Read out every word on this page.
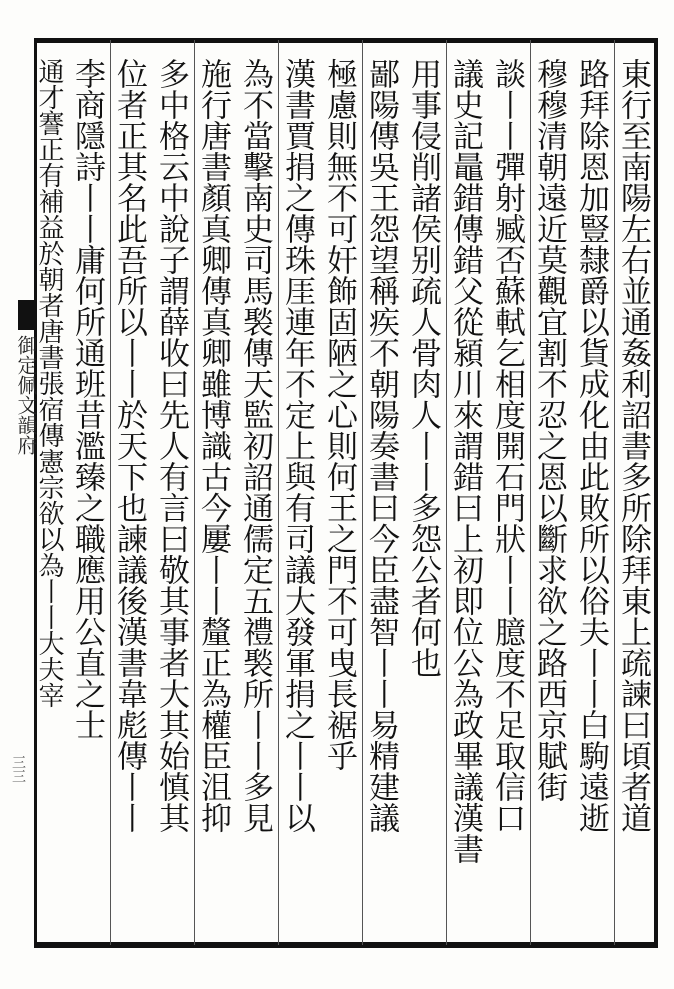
東行至南陽左右並通姦利詔書多所除拜東上疏諫曰頃者道
路拜除恩加豎隸爵以貨成化由此敗所以俗夫丨丨白駒遠逝
穆穆清朝遠近莫觀宜割不忍之恩以斷求欲之路西京賦街
談丨丨彈射臧否蘇軾乞相度開石門狀丨丨臆度不足取信口
議史記鼂錯傳錯父從潁川來謂錯曰上初即位公為政畢議漢書
用事侵削諸侯别疏人骨肉人丨丨多怨公者何也
鄙陽傳吳王怨望稱疾不朝陽奏書曰今臣盡智丨丨易精建議
極慮則無不可奸飾固陋之心則何王之門不可曳長裾乎
漢書賈捐之傳珠厓連年不定上與有司議大發軍捐之丨丨以
為不當擊南史司馬褧傳天監初詔通儒定五禮褧所丨丨多見
施行唐書顏真卿傳真卿雖博識古今屢丨丨釐正為權臣沮抑
多中格云中說子謂薛收曰先人有言曰敬其事者大其始慎其
位者正其名此吾所以丨丨於天下也諫議後漢書韋彪傳丨丨
李商隱詩丨丨庸何所通班昔濫臻之職應用公直之士
通才謇正有補益於朝者唐書張宿傳憲宗欲以為丨丨大夫宰
御定佩文韻府
三三
